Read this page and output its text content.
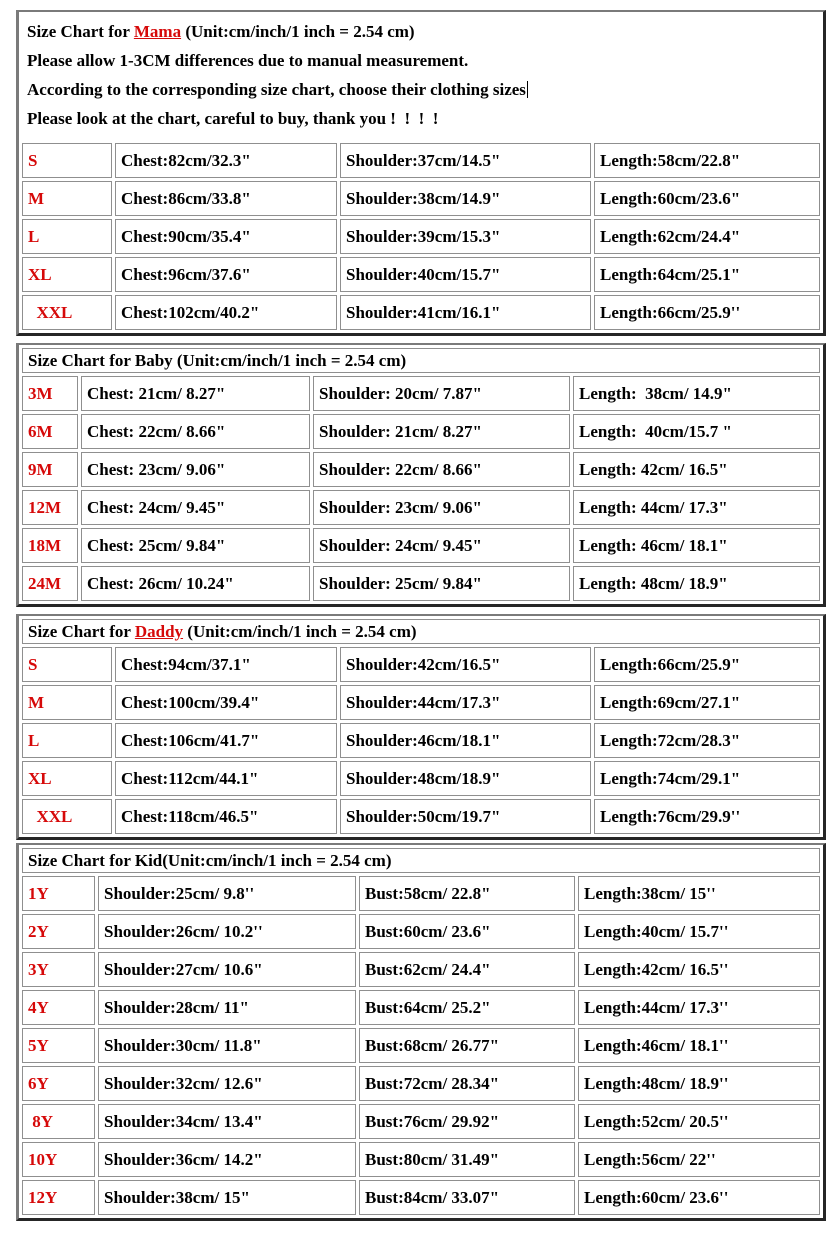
Size Chart for Mama (Unit:cm/inch/1 inch = 2.54 cm)
Please allow 1-3CM differences due to manual measurement.
According to the corresponding size chart, choose their clothing sizes
Please look at the chart, careful to buy, thank you !  !  !  !
S	Chest:82cm/32.3"	Shoulder:37cm/14.5"	Length:58cm/22.8"
M	Chest:86cm/33.8"	Shoulder:38cm/14.9"	Length:60cm/23.6"
L	Chest:90cm/35.4"	Shoulder:39cm/15.3"	Length:62cm/24.4"
XL	Chest:96cm/37.6"	Shoulder:40cm/15.7"	Length:64cm/25.1"
XXL	Chest:102cm/40.2"	Shoulder:41cm/16.1"	Length:66cm/25.9''
Size Chart for Baby (Unit:cm/inch/1 inch = 2.54 cm)			
3M	Chest: 21cm/ 8.27"	Shoulder: 20cm/ 7.87"	Length:  38cm/ 14.9"
6M	Chest: 22cm/ 8.66"	Shoulder: 21cm/ 8.27"	Length:  40cm/15.7 "
9M	Chest: 23cm/ 9.06"	Shoulder: 22cm/ 8.66"	Length: 42cm/ 16.5"
12M	Chest: 24cm/ 9.45"	Shoulder: 23cm/ 9.06"	Length: 44cm/ 17.3"
18M	Chest: 25cm/ 9.84"	Shoulder: 24cm/ 9.45"	Length: 46cm/ 18.1"
24M	Chest: 26cm/ 10.24"	Shoulder: 25cm/ 9.84"	Length: 48cm/ 18.9"
Size Chart for Daddy (Unit:cm/inch/1 inch = 2.54 cm)			
S	Chest:94cm/37.1"	Shoulder:42cm/16.5"	Length:66cm/25.9"
M	Chest:100cm/39.4"	Shoulder:44cm/17.3"	Length:69cm/27.1"
L	Chest:106cm/41.7"	Shoulder:46cm/18.1"	Length:72cm/28.3"
XL	Chest:112cm/44.1"	Shoulder:48cm/18.9"	Length:74cm/29.1"
XXL	Chest:118cm/46.5"	Shoulder:50cm/19.7"	Length:76cm/29.9''
Size Chart for Kid(Unit:cm/inch/1 inch = 2.54 cm)			
1Y	Shoulder:25cm/ 9.8''	Bust:58cm/ 22.8"	Length:38cm/ 15''
2Y	Shoulder:26cm/ 10.2''	Bust:60cm/ 23.6"	Length:40cm/ 15.7''
3Y	Shoulder:27cm/ 10.6"	Bust:62cm/ 24.4"	Length:42cm/ 16.5''
4Y	Shoulder:28cm/ 11"	Bust:64cm/ 25.2"	Length:44cm/ 17.3''
5Y	Shoulder:30cm/ 11.8"	Bust:68cm/ 26.77"	Length:46cm/ 18.1''
6Y	Shoulder:32cm/ 12.6"	Bust:72cm/ 28.34"	Length:48cm/ 18.9''
8Y	Shoulder:34cm/ 13.4"	Bust:76cm/ 29.92"	Length:52cm/ 20.5''
10Y	Shoulder:36cm/ 14.2"	Bust:80cm/ 31.49"	Length:56cm/ 22''
12Y	Shoulder:38cm/ 15"	Bust:84cm/ 33.07"	Length:60cm/ 23.6''
